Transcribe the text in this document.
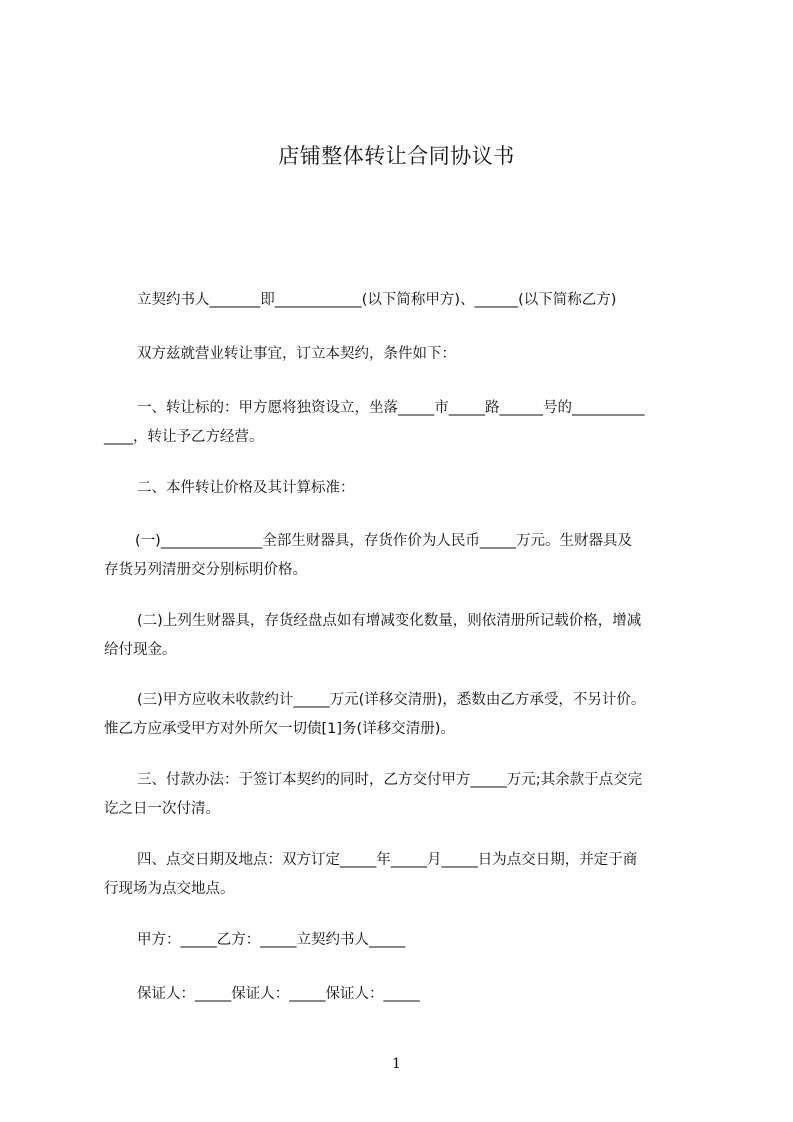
店铺整体转让合同协议书

立契约书人_______即____________(以下简称甲方)、______(以下简称乙方)

双方兹就营业转让事宜，订立本契约，条件如下：

一、转让标的：甲方愿将独资设立，坐落_____市_____路______号的__________
____，转让予乙方经营。

二、本件转让价格及其计算标准：

(一)______________全部生财器具，存货作价为人民币_____万元。生财器具及
存货另列清册交分别标明价格。

(二)上列生财器具，存货经盘点如有增减变化数量，则依清册所记载价格，增减
给付现金。

(三)甲方应收未收款约计_____万元(详移交清册)，悉数由乙方承受，不另计价。
惟乙方应承受甲方对外所欠一切债[1]务(详移交清册)。

三、付款办法：于签订本契约的同时，乙方交付甲方_____万元;其余款于点交完
讫之日一次付清。

四、点交日期及地点：双方订定_____年_____月_____日为点交日期，并定于商
行现场为点交地点。

甲方：_____乙方：_____立契约书人_____

保证人：_____保证人：_____保证人：_____

1
